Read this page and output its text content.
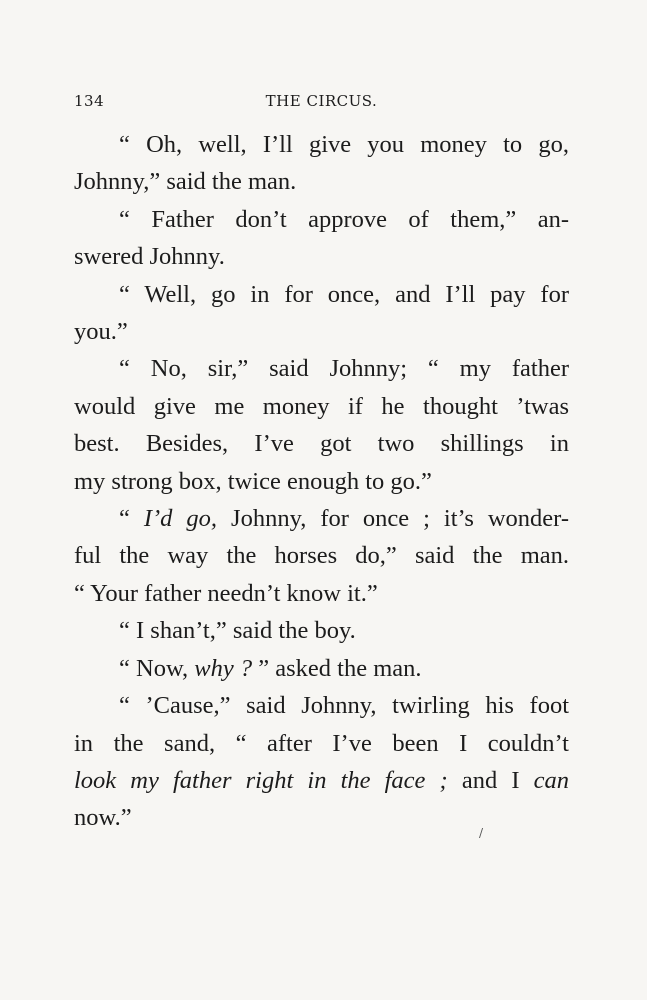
134	THE CIRCUS.

“ Oh, well, I’ll give you money to go,
Johnny,” said the man.

“ Father don’t approve of them,” an-
swered Johnny.

“ Well, go in for once, and I’ll pay for
you.”

“ No, sir,” said Johnny; “ my father
would give me money if he thought ’twas
best. Besides, I’ve got two shillings in
my strong box, twice enough to go.”

“ I’d go, Johnny, for once ; it’s wonder-
ful the way the horses do,” said the man.
“ Your father needn’t know it.”

“ I shan’t,” said the boy.

“ Now, why ? ” asked the man.

“ ’Cause,” said Johnny, twirling his foot
in the sand, “ after I’ve been I couldn’t
look my father right in the face ; and I can
now.”

/
